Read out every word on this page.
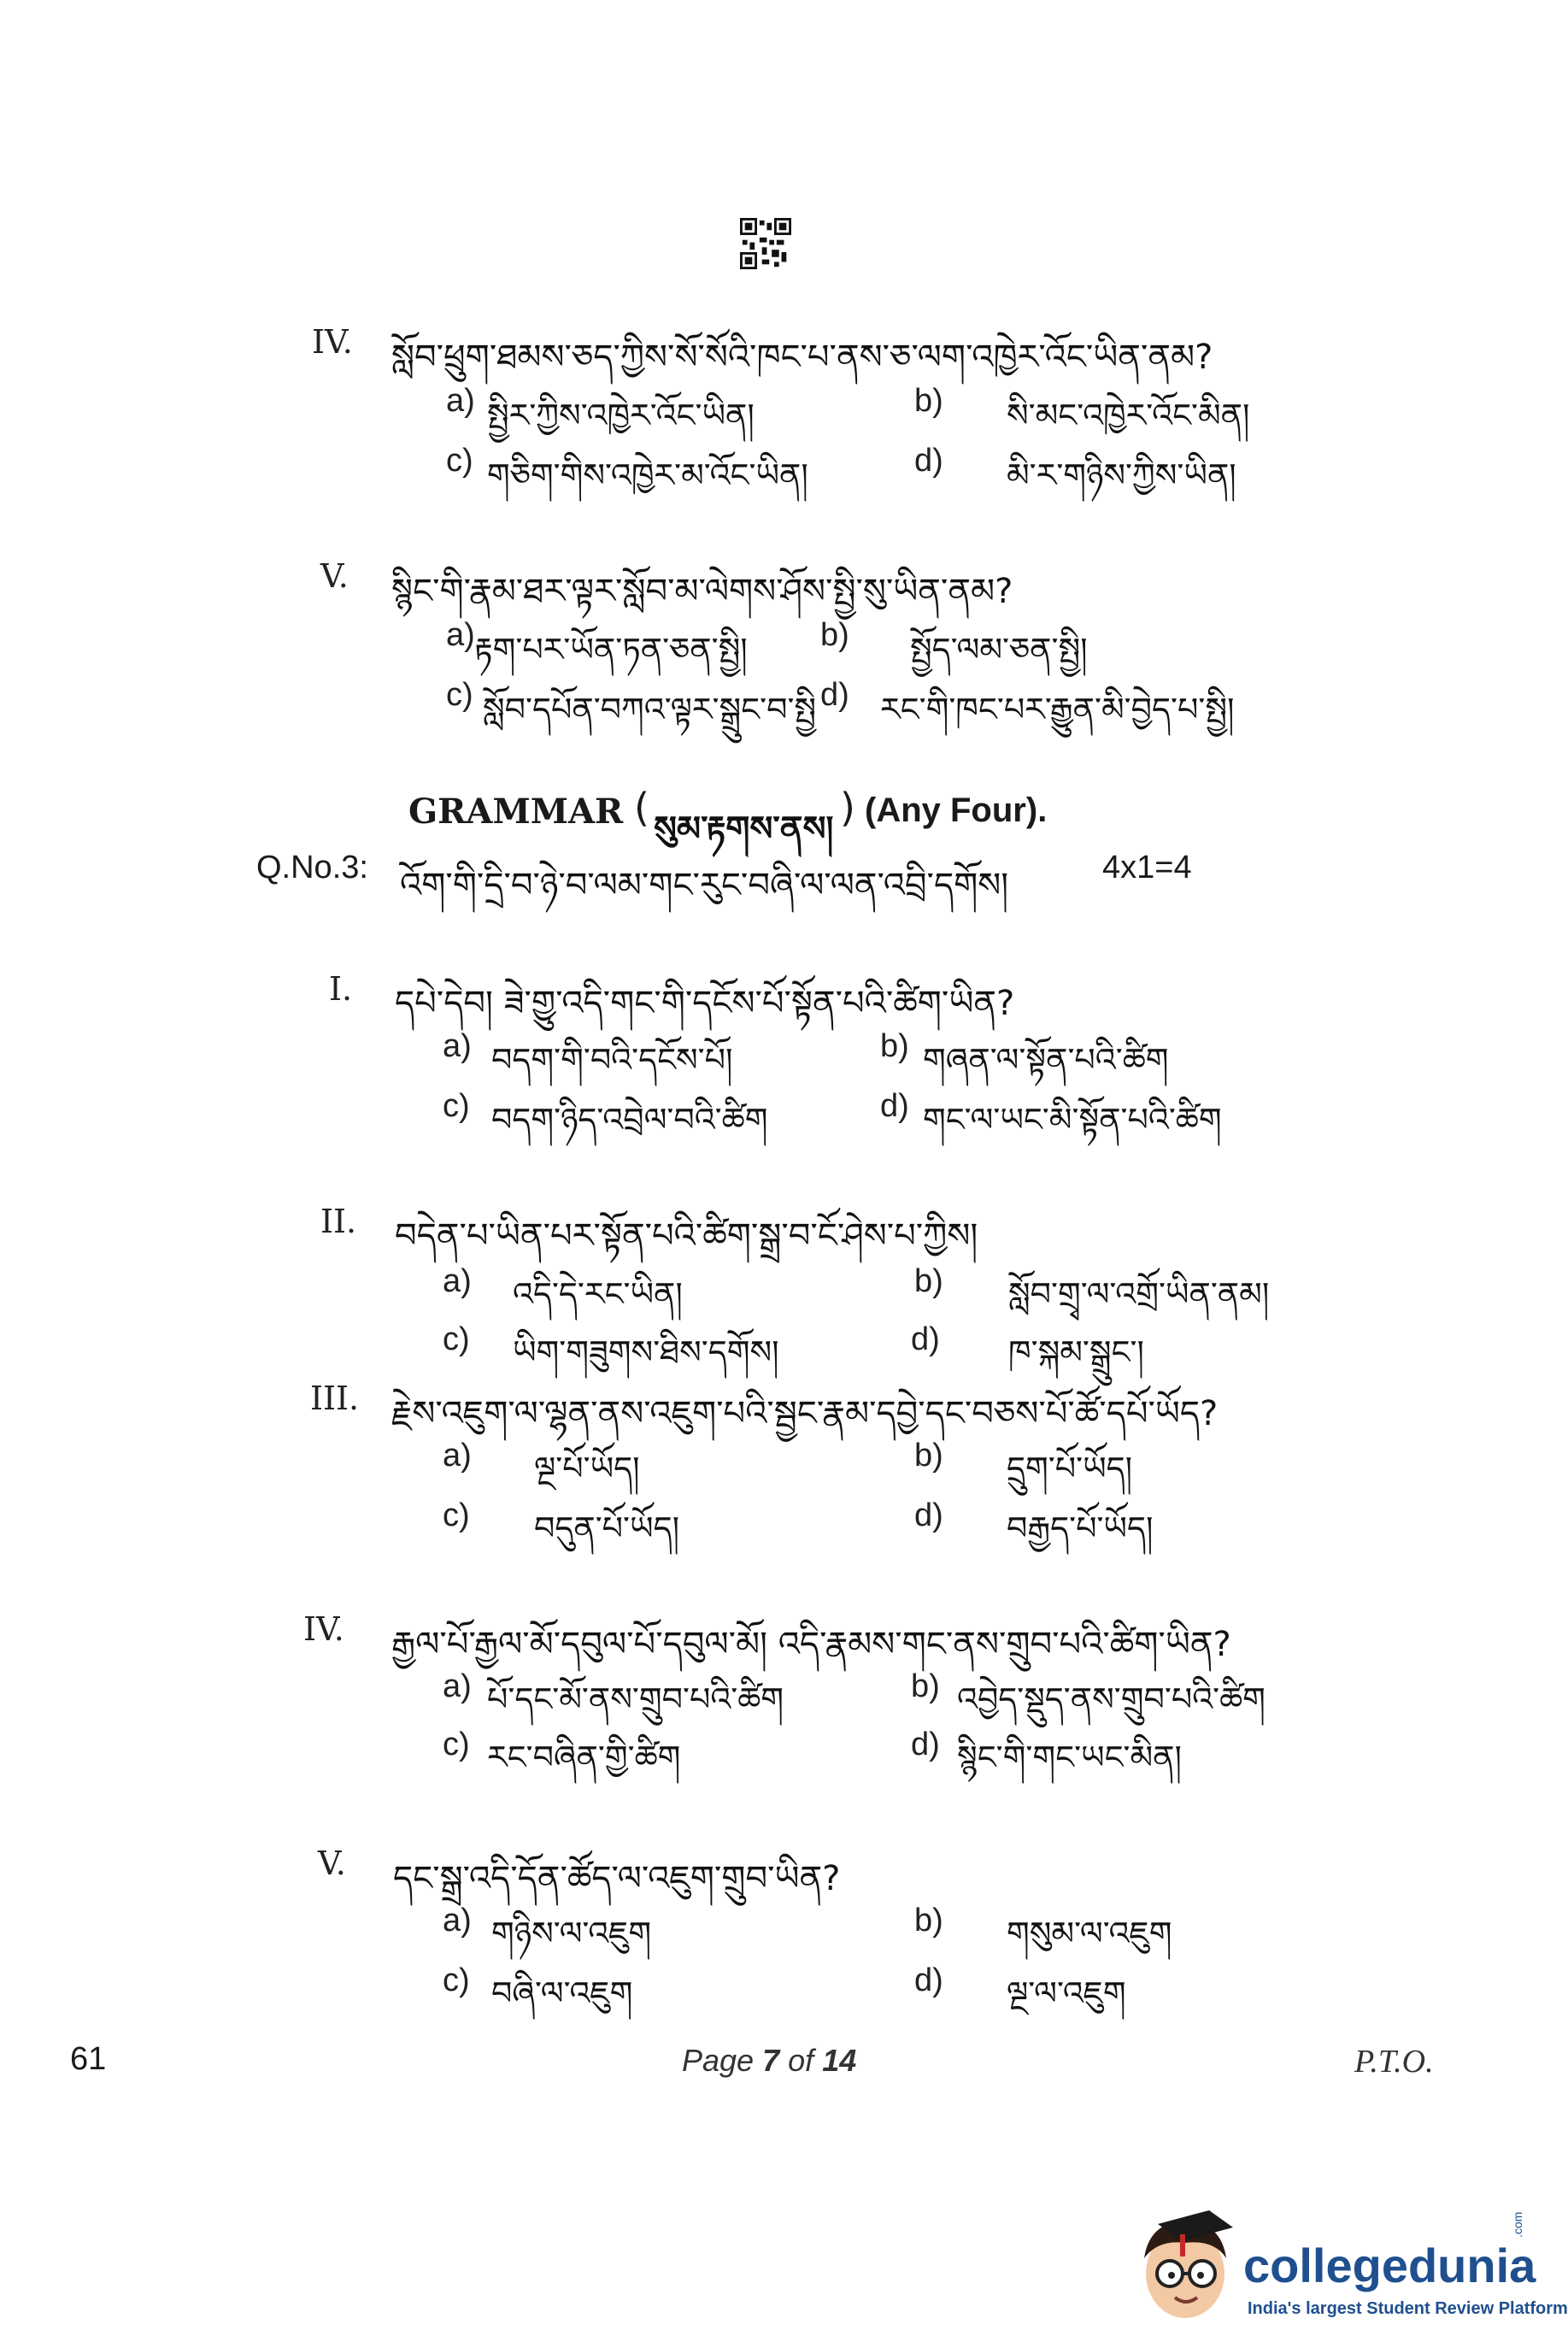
IV. སློབ་ཕྲུག་ཐམས་ཅད་ཀྱིས་སོ་སོའི་ཁང་པ་ནས་ཅ་ལག་འཁྱེར་འོང་ཡིན་ནམ?
a) སྤྱིར་ཀྱིས་འཁྱེར་འོང་ཡིན།	b) སི་མང་འཁྱེར་འོང་མིན།
c) གཅིག་གིས་འཁྱེར་མ་འོང་ཡིན།	d) མི་ར་གཉིས་ཀྱིས་ཡིན།
V. སྙིང་གི་རྣམ་ཐར་ལྟར་སློབ་མ་ལེགས་ཤོས་སྤྱི་སུ་ཡིན་ནམ?
a) རྟག་པར་ཡོན་ཏན་ཅན་སྤྱི། b) སྤྱོད་ལམ་ཅན་སྤྱི།
c) སློབ་དཔོན་བཀའ་ལྟར་སྒྲུང་བ་སྤྱི d) རང་གི་ཁང་པར་རྒྱུན་མི་བྱེད་པ་སྤྱི།
GRAMMAR ( སུམ་རྟགས་ནས། ) (Any Four).
Q.No.3: འོག་གི་དྲི་བ་ཉེ་བ་ལམ་གང་རུང་བཞི་ལ་ལན་འབྲི་དགོས།	4x1=4
I. དཔེ་དེབ། ཟེ་གྱུ་འདི་གང་གི་དངོས་པོ་སྟོན་པའི་ཚིག་ཡིན?
a) བདག་གི་བའི་དངོས་པོ།	b) གཞན་ལ་སྟོན་པའི་ཚིག
c) བདག་ཉིད་འབྲེལ་བའི་ཚིག	d) གང་ལ་ཡང་མི་སྟོན་པའི་ཚིག
II. བདེན་པ་ཡིན་པར་སྟོན་པའི་ཚིག་སྒྲ་བ་ངོ་ཤེས་པ་ཀྱིས།
a) འདི་དེ་རང་ཡིན།	b) སློབ་གྲྭ་ལ་འགྲོ་ཡིན་ནམ།
c) ཡིག་གཟུགས་ཐིས་དགོས།	d) ཁ་སྐམ་སྒྲུང་།
III. རྗེས་འཇུག་ལ་ལྷན་ནས་འཇུག་པའི་སྦྱང་རྣམ་དབྱེ་དང་བཅས་པོ་ཚོ་དཔོ་ཡོད?
a) ལྔ་པོ་ཡོད།	b) དྲུག་པོ་ཡོད།
c) བདུན་པོ་ཡོད།	d) བརྒྱད་པོ་ཡོད།
IV. རྒྱལ་པོ་རྒྱལ་མོ་དབུལ་པོ་དབུལ་མོ། འདི་རྣམས་གང་ནས་གྲུབ་པའི་ཚིག་ཡིན?
a) པོ་དང་མོ་ནས་གྲུབ་པའི་ཚིག	b) འབྱེད་སྡུད་ནས་གྲུབ་པའི་ཚིག
c) རང་བཞིན་གྱི་ཚིག	d) སྙིང་གི་གང་ཡང་མིན།
V. དང་སྒྲ་འདི་དོན་ཚོད་ལ་འཇུག་གྲུབ་ཡིན?
a) གཉིས་ལ་འཇུག	b) གསུམ་ལ་འཇུག
c) བཞི་ལ་འཇུག	d) ལྔ་ལ་འཇུག
61	Page 7 of 14	P.T.O.
collegedunia
.com
India's largest Student Review Platform
